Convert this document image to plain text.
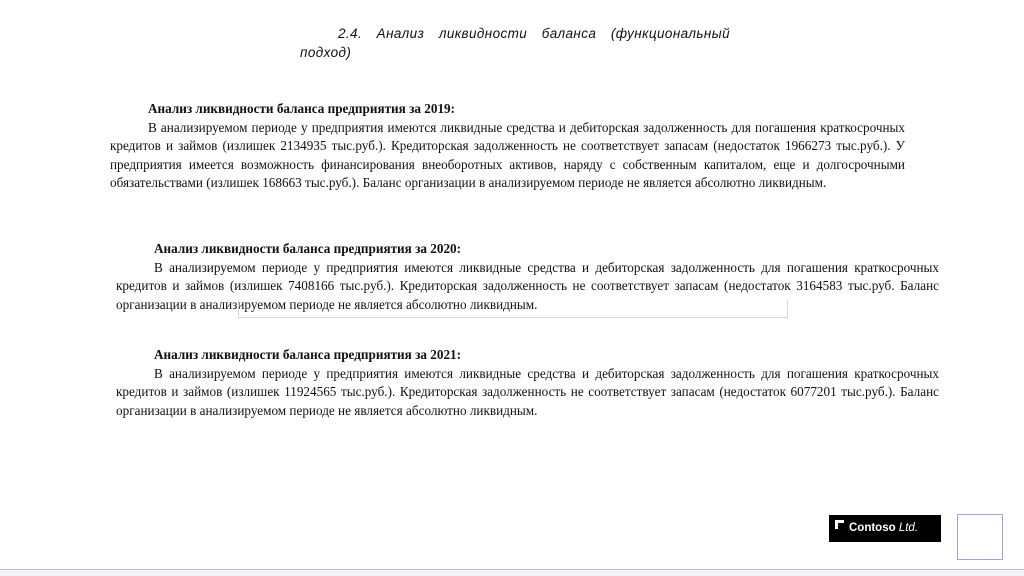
2.4. Анализ ликвидности баланса (функциональный подход)
Анализ ликвидности баланса предприятия за 2019:
В анализируемом периоде у предприятия имеются ликвидные средства и дебиторская задолженность для погашения краткосрочных кредитов и займов (излишек 2134935 тыс.руб.). Кредиторская задолженность не соответствует запасам (недостаток 1966273 тыс.руб.). У предприятия имеется возможность финансирования внеоборотных активов, наряду с собственным капиталом, еще и долгосрочными обязательствами (излишек 168663 тыс.руб.). Баланс организации в анализируемом периоде не является абсолютно ликвидным.
Анализ ликвидности баланса предприятия за 2020:
В анализируемом периоде у предприятия имеются ликвидные средства и дебиторская задолженность для погашения краткосрочных кредитов и займов (излишек 7408166 тыс.руб.). Кредиторская задолженность не соответствует запасам (недостаток 3164583 тыс.руб. Баланс организации в анализируемом периоде не является абсолютно ликвидным.
Анализ ликвидности баланса предприятия за 2021:
В анализируемом периоде у предприятия имеются ликвидные средства и дебиторская задолженность для погашения краткосрочных кредитов и займов (излишек 11924565 тыс.руб.). Кредиторская задолженность не соответствует запасам (недостаток 6077201 тыс.руб.). Баланс организации в анализируемом периоде не является абсолютно ликвидным.
Contoso Ltd.
